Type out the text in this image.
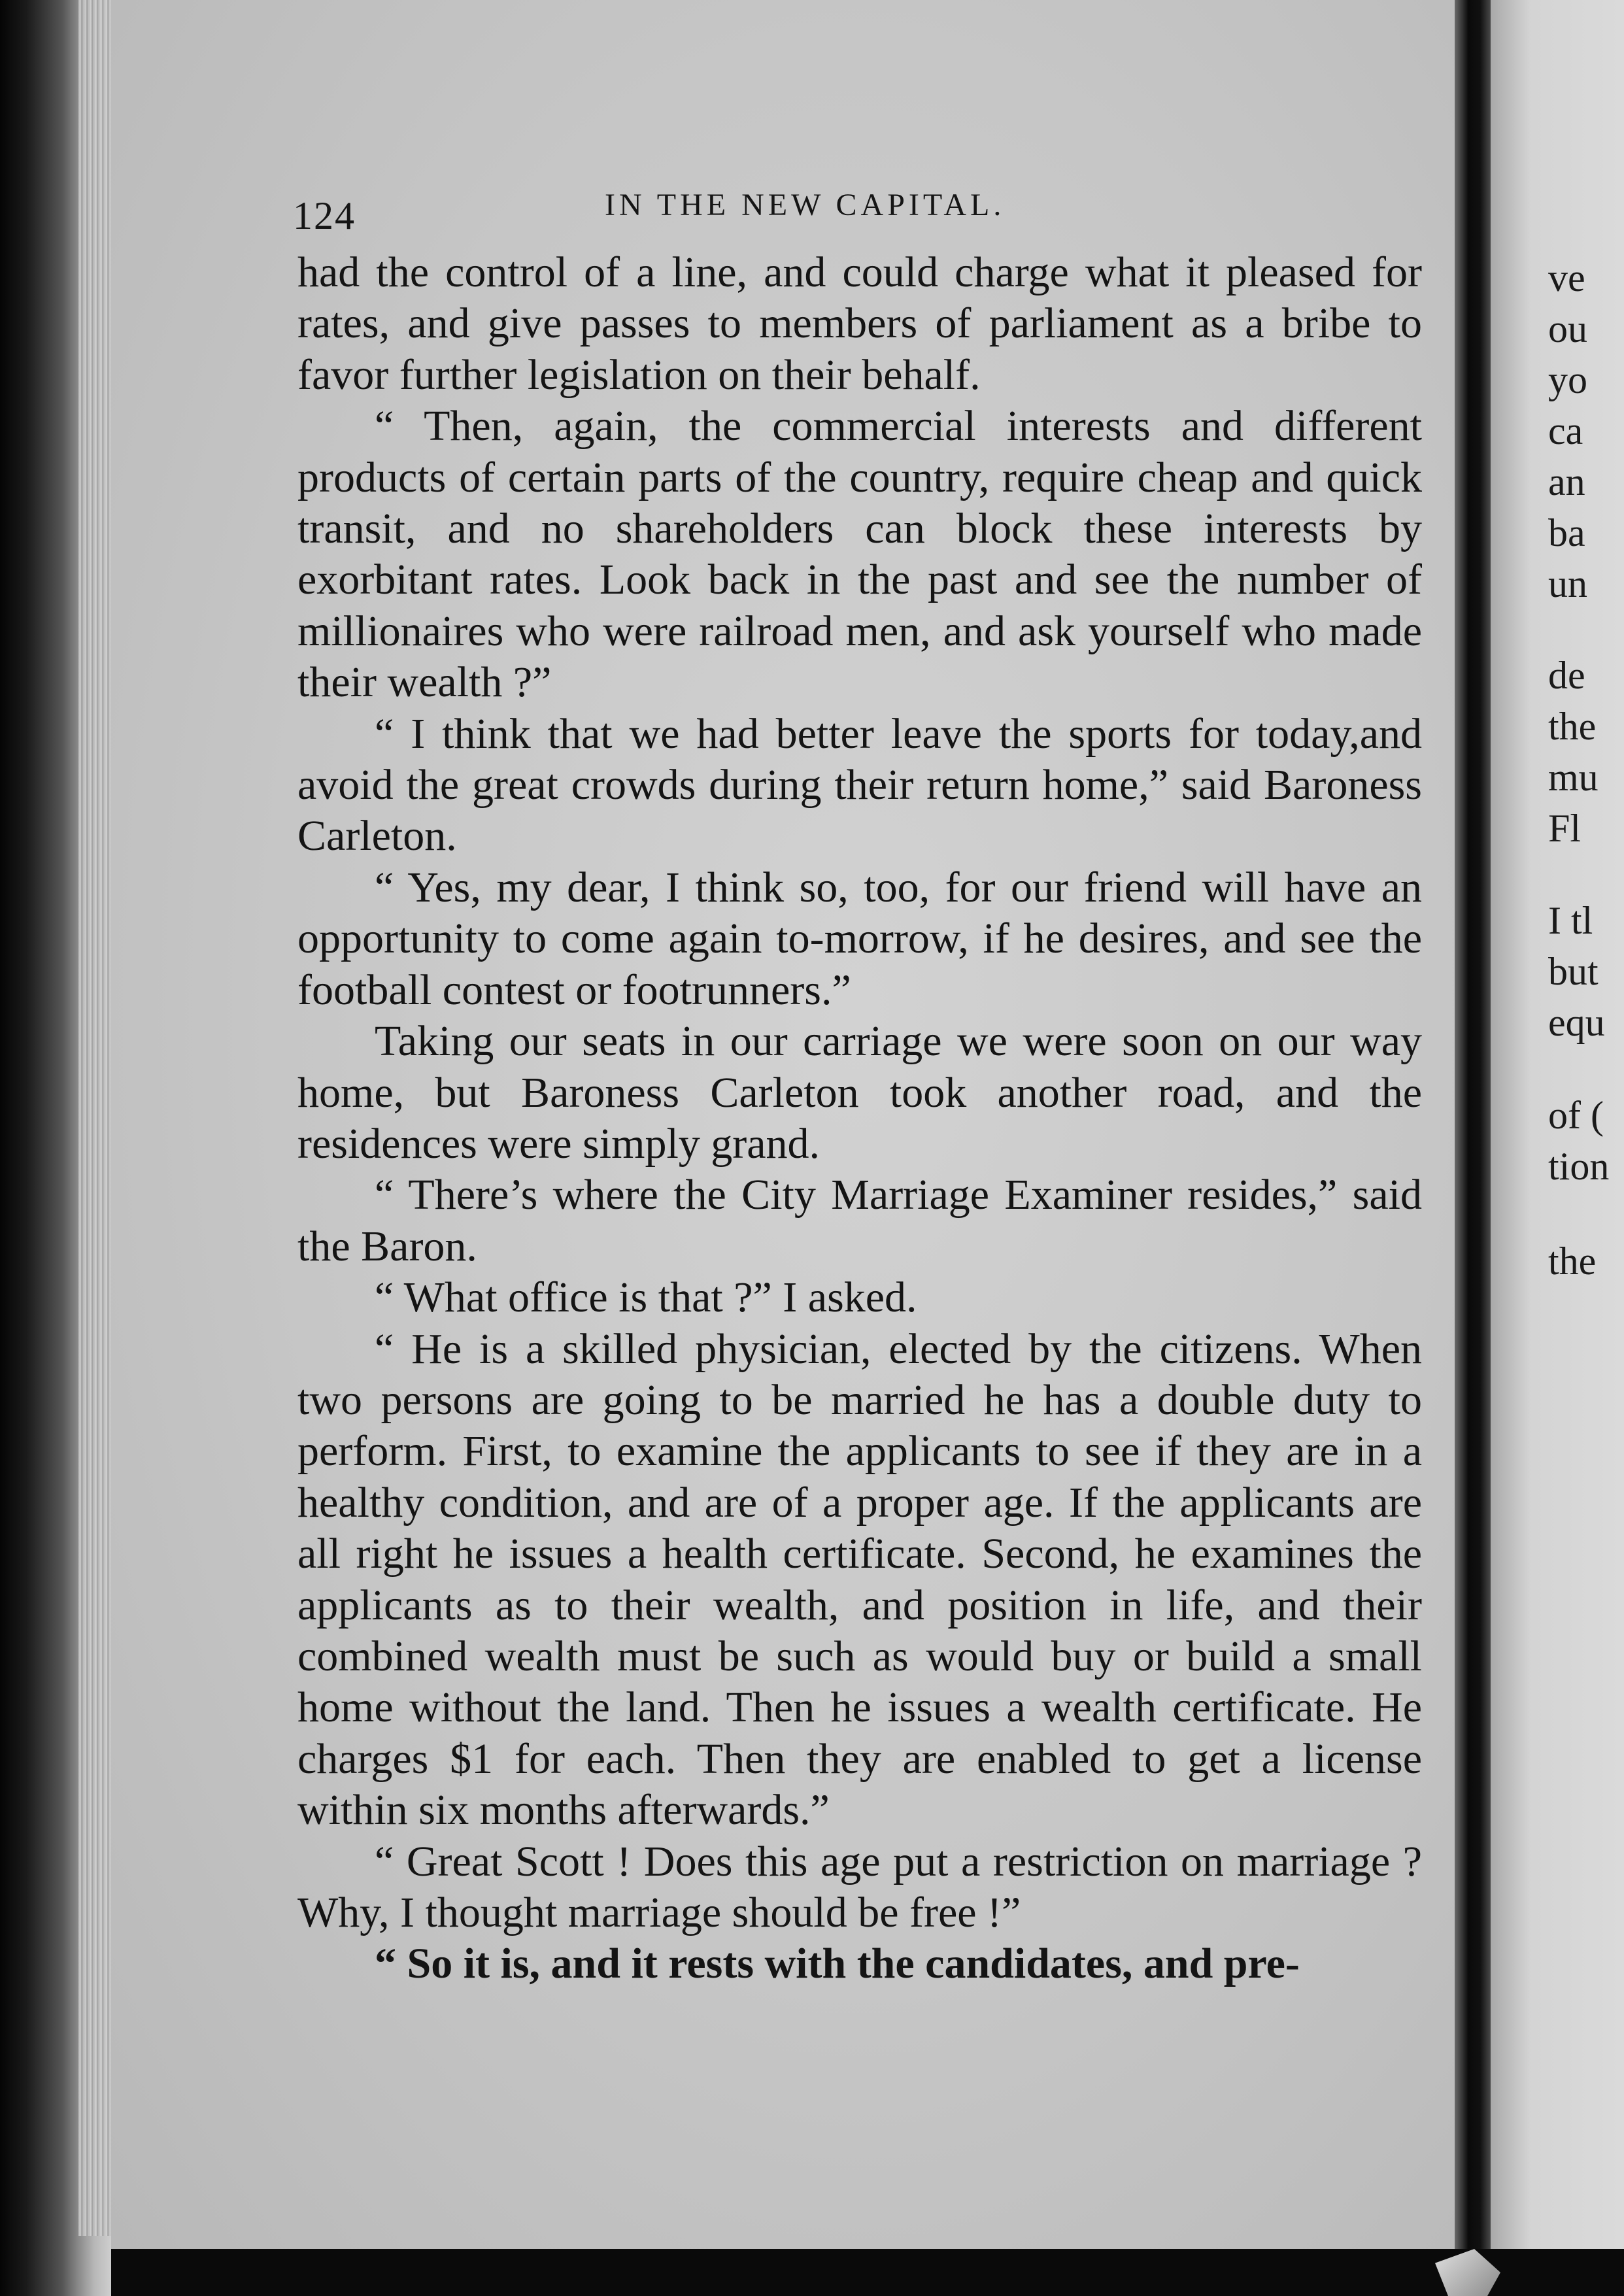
124	IN THE NEW CAPITAL.

had the control of a line, and could charge what it pleased for rates, and give passes to members of parliament as a bribe to favor further legislation on their behalf.

“ Then, again, the commercial interests and different products of certain parts of the country, require cheap and quick transit, and no shareholders can block these interests by exorbitant rates. Look back in the past and see the number of millionaires who were railroad men, and ask yourself who made their wealth ?”

“ I think that we had better leave the sports for today,and avoid the great crowds during their return home,” said Baroness Carleton.

“ Yes, my dear, I think so, too, for our friend will have an opportunity to come again to-morrow, if he desires, and see the football contest or footrunners.”

Taking our seats in our carriage we were soon on our way home, but Baroness Carleton took another road, and the residences were simply grand.

“ There’s where the City Marriage Examiner resides,” said the Baron.

“ What office is that ?” I asked.

“ He is a skilled physician, elected by the citizens. When two persons are going to be married he has a double duty to perform. First, to examine the applicants to see if they are in a healthy condition, and are of a proper age. If the applicants are all right he issues a health certificate. Second, he examines the applicants as to their wealth, and position in life, and their combined wealth must be such as would buy or build a small home without the land. Then he issues a wealth certificate. He charges $1 for each. Then they are enabled to get a license within six months afterwards.”

“ Great Scott ! Does this age put a restriction on marriage ? Why, I thought marriage should be free !”

“ So it is, and it rests with the candidates, and pre-

ve
ou
yo
ca
an
ba
un
de
the
mu
Fl
I tl
but
equ
of (
tion
the
